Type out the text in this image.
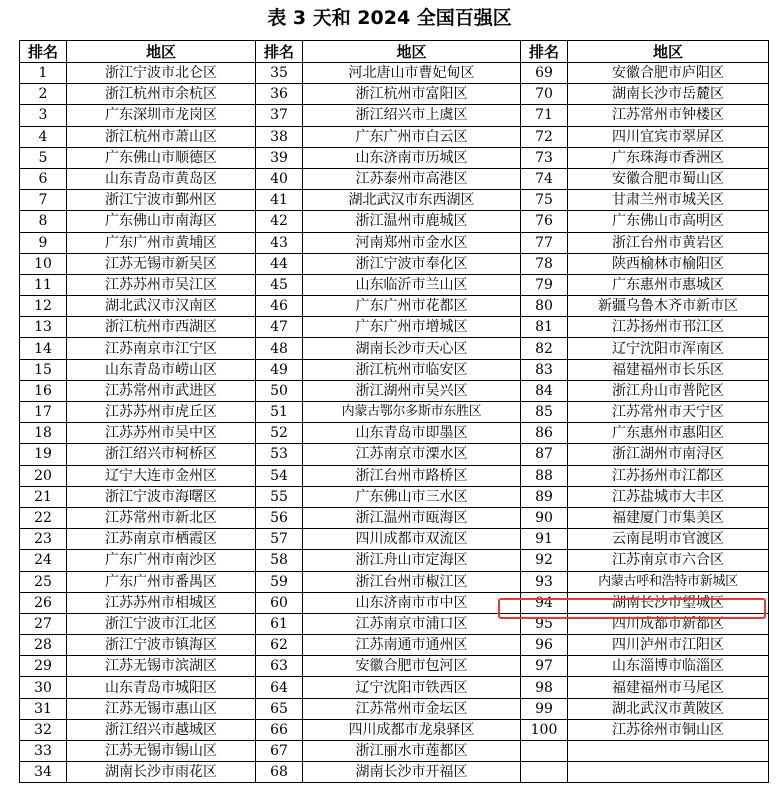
表 3 天和 2024 全国百强区
排名	地区	排名	地区	排名	地区
1	浙江宁波市北仑区	35	河北唐山市曹妃甸区	69	安徽合肥市庐阳区
2	浙江杭州市余杭区	36	浙江杭州市富阳区	70	湖南长沙市岳麓区
3	广东深圳市龙岗区	37	浙江绍兴市上虞区	71	江苏常州市钟楼区
4	浙江杭州市萧山区	38	广东广州市白云区	72	四川宜宾市翠屏区
5	广东佛山市顺德区	39	山东济南市历城区	73	广东珠海市香洲区
6	山东青岛市黄岛区	40	江苏泰州市高港区	74	安徽合肥市蜀山区
7	浙江宁波市鄞州区	41	湖北武汉市东西湖区	75	甘肃兰州市城关区
8	广东佛山市南海区	42	浙江温州市鹿城区	76	广东佛山市高明区
9	广东广州市黄埔区	43	河南郑州市金水区	77	浙江台州市黄岩区
10	江苏无锡市新吴区	44	浙江宁波市奉化区	78	陕西榆林市榆阳区
11	江苏苏州市吴江区	45	山东临沂市兰山区	79	广东惠州市惠城区
12	湖北武汉市汉南区	46	广东广州市花都区	80	新疆乌鲁木齐市新市区
13	浙江杭州市西湖区	47	广东广州市增城区	81	江苏扬州市邗江区
14	江苏南京市江宁区	48	湖南长沙市天心区	82	辽宁沈阳市浑南区
15	山东青岛市崂山区	49	浙江杭州市临安区	83	福建福州市长乐区
16	江苏常州市武进区	50	浙江湖州市吴兴区	84	浙江舟山市普陀区
17	江苏苏州市虎丘区	51	内蒙古鄂尔多斯市东胜区	85	江苏常州市天宁区
18	江苏苏州市吴中区	52	山东青岛市即墨区	86	广东惠州市惠阳区
19	浙江绍兴市柯桥区	53	江苏南京市溧水区	87	浙江湖州市南浔区
20	辽宁大连市金州区	54	浙江台州市路桥区	88	江苏扬州市江都区
21	浙江宁波市海曙区	55	广东佛山市三水区	89	江苏盐城市大丰区
22	江苏常州市新北区	56	浙江温州市瓯海区	90	福建厦门市集美区
23	江苏南京市栖霞区	57	四川成都市双流区	91	云南昆明市官渡区
24	广东广州市南沙区	58	浙江舟山市定海区	92	江苏南京市六合区
25	广东广州市番禺区	59	浙江台州市椒江区	93	内蒙古呼和浩特市新城区
26	江苏苏州市相城区	60	山东济南市市中区	94	湖南长沙市望城区
27	浙江宁波市江北区	61	江苏南京市浦口区	95	四川成都市新都区
28	浙江宁波市镇海区	62	江苏南通市通州区	96	四川泸州市江阳区
29	江苏无锡市滨湖区	63	安徽合肥市包河区	97	山东淄博市临淄区
30	山东青岛市城阳区	64	辽宁沈阳市铁西区	98	福建福州市马尾区
31	江苏无锡市惠山区	65	江苏常州市金坛区	99	湖北武汉市黄陂区
32	浙江绍兴市越城区	66	四川成都市龙泉驿区	100	江苏徐州市铜山区
33	江苏无锡市锡山区	67	浙江丽水市莲都区		
34	湖南长沙市雨花区	68	湖南长沙市开福区		
